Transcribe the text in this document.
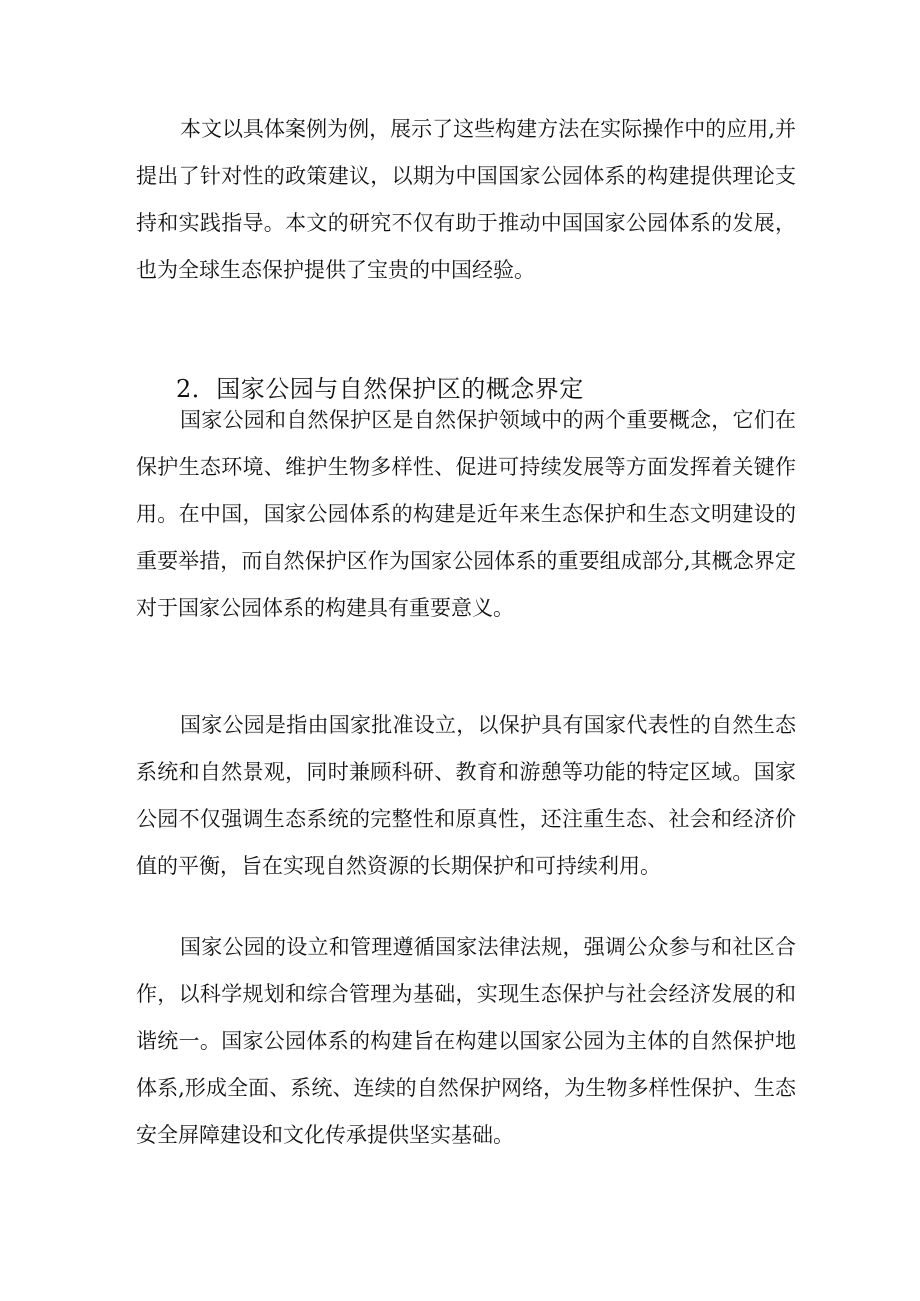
本文以具体案例为例，展示了这些构建方法在实际操作中的应用,并提出了针对性的政策建议，以期为中国国家公园体系的构建提供理论支持和实践指导。本文的研究不仅有助于推动中国国家公园体系的发展，也为全球生态保护提供了宝贵的中国经验。

2．国家公园与自然保护区的概念界定

国家公园和自然保护区是自然保护领域中的两个重要概念，它们在保护生态环境、维护生物多样性、促进可持续发展等方面发挥着关键作用。在中国，国家公园体系的构建是近年来生态保护和生态文明建设的重要举措，而自然保护区作为国家公园体系的重要组成部分,其概念界定对于国家公园体系的构建具有重要意义。

国家公园是指由国家批准设立，以保护具有国家代表性的自然生态系统和自然景观，同时兼顾科研、教育和游憩等功能的特定区域。国家公园不仅强调生态系统的完整性和原真性，还注重生态、社会和经济价值的平衡，旨在实现自然资源的长期保护和可持续利用。

国家公园的设立和管理遵循国家法律法规，强调公众参与和社区合作，以科学规划和综合管理为基础，实现生态保护与社会经济发展的和谐统一。国家公园体系的构建旨在构建以国家公园为主体的自然保护地体系,形成全面、系统、连续的自然保护网络，为生物多样性保护、生态安全屏障建设和文化传承提供坚实基础。
